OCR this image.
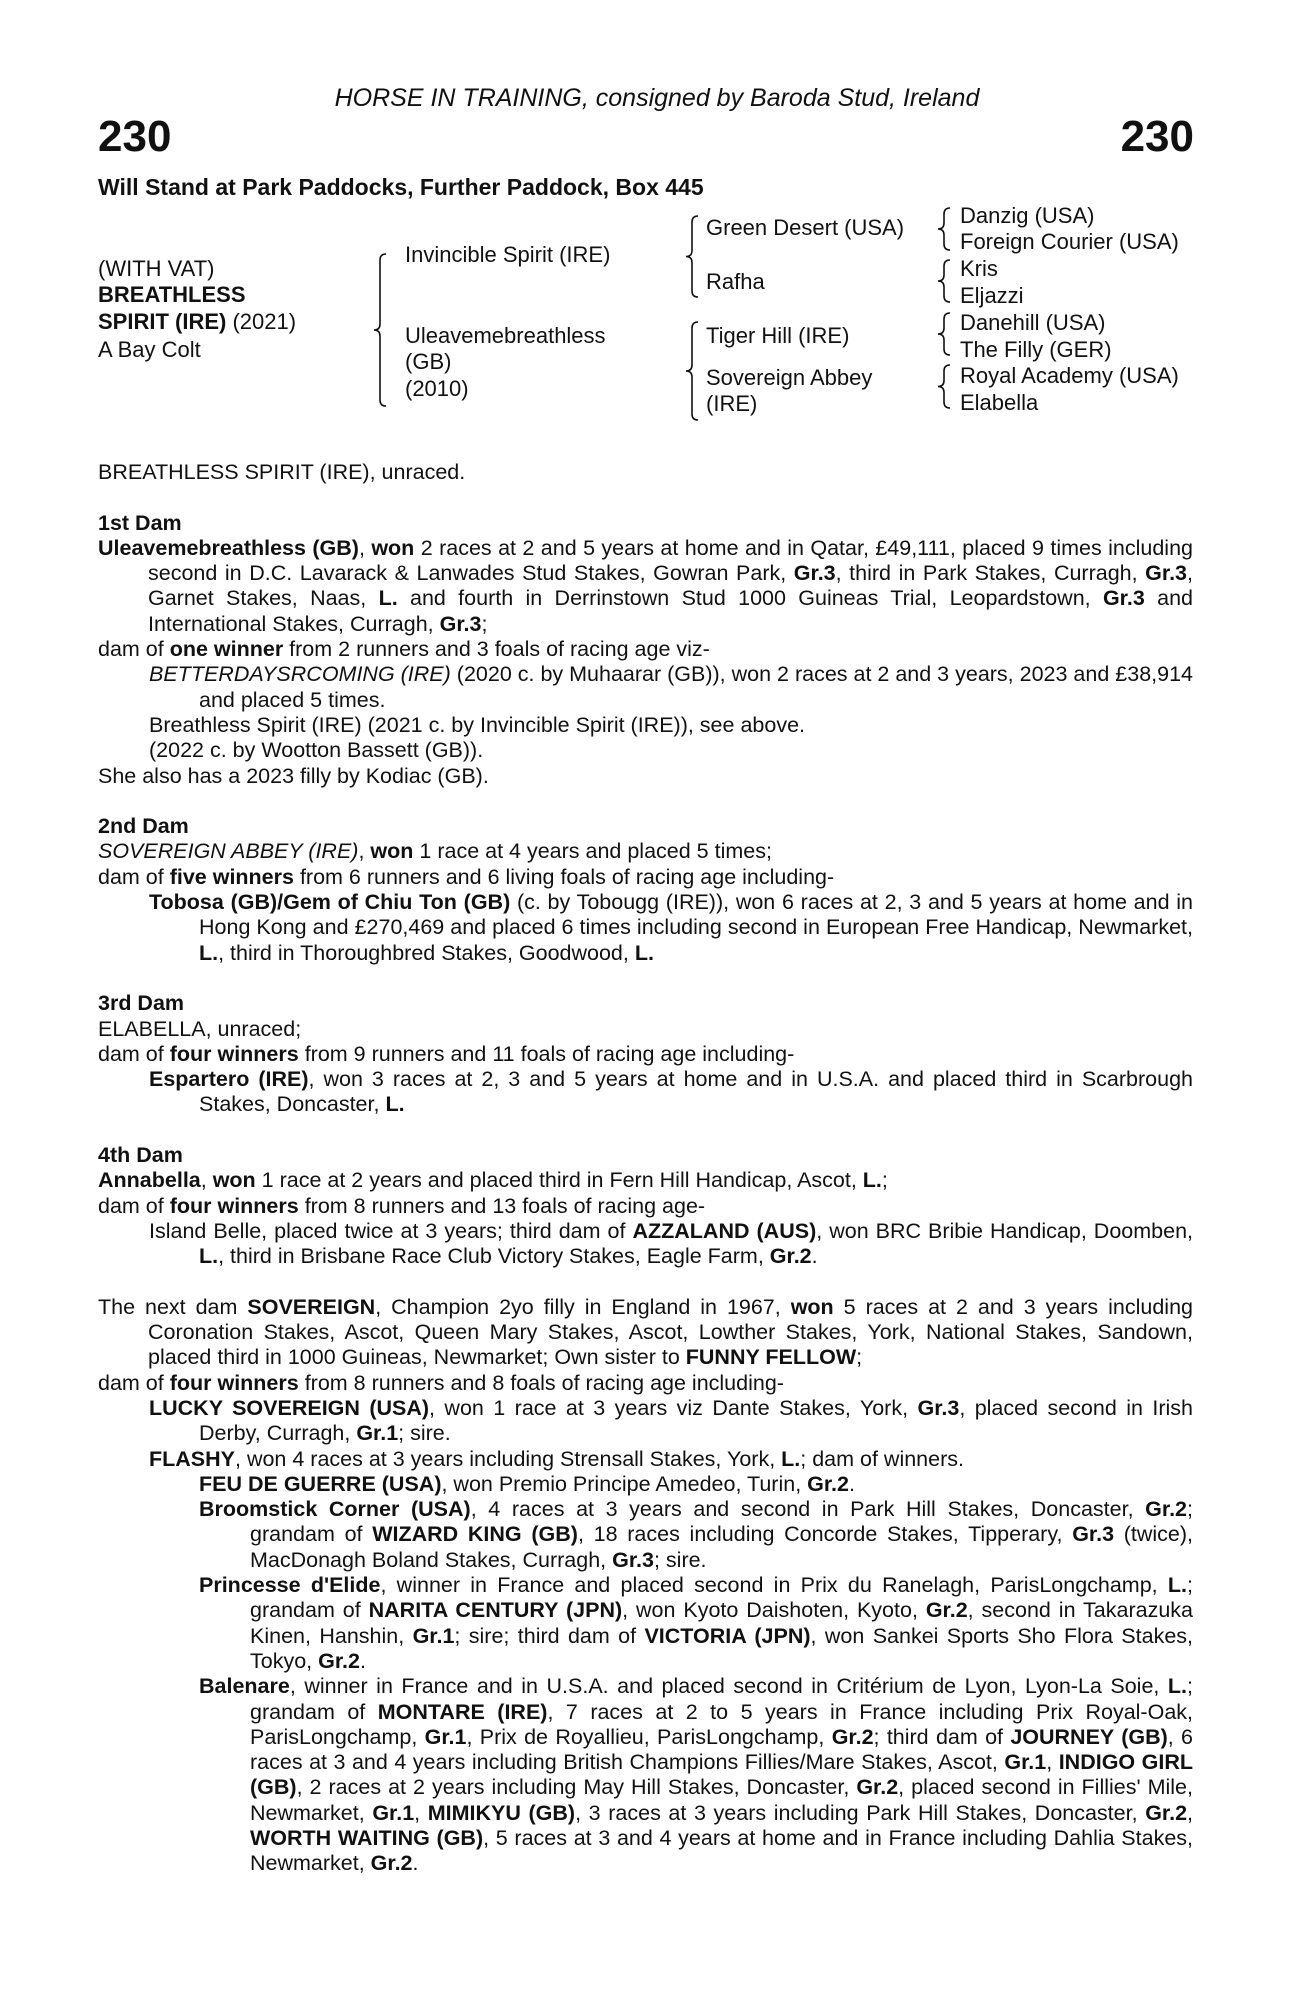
HORSE IN TRAINING, consigned by Baroda Stud, Ireland
230	230
Will Stand at Park Paddocks, Further Paddock, Box 445
(WITH VAT)
BREATHLESS
SPIRIT (IRE) (2021)
A Bay Colt
Invincible Spirit (IRE)
Uleavemebreathless
(GB)
(2010)
Green Desert (USA)
Rafha
Tiger Hill (IRE)
Sovereign Abbey
(IRE)
Danzig (USA)
Foreign Courier (USA)
Kris
Eljazzi
Danehill (USA)
The Filly (GER)
Royal Academy (USA)
Elabella
BREATHLESS SPIRIT (IRE), unraced.
1st Dam
Uleavemebreathless (GB), won 2 races at 2 and 5 years at home and in Qatar, £49,111, placed 9 times including second in D.C. Lavarack & Lanwades Stud Stakes, Gowran Park, Gr.3, third in Park Stakes, Curragh, Gr.3, Garnet Stakes, Naas, L. and fourth in Derrinstown Stud 1000 Guineas Trial, Leopardstown, Gr.3 and International Stakes, Curragh, Gr.3;
dam of one winner from 2 runners and 3 foals of racing age viz-
BETTERDAYSRCOMING (IRE) (2020 c. by Muhaarar (GB)), won 2 races at 2 and 3 years, 2023 and £38,914 and placed 5 times.
Breathless Spirit (IRE) (2021 c. by Invincible Spirit (IRE)), see above.
(2022 c. by Wootton Bassett (GB)).
She also has a 2023 filly by Kodiac (GB).
2nd Dam
SOVEREIGN ABBEY (IRE), won 1 race at 4 years and placed 5 times;
dam of five winners from 6 runners and 6 living foals of racing age including-
Tobosa (GB)/Gem of Chiu Ton (GB) (c. by Tobougg (IRE)), won 6 races at 2, 3 and 5 years at home and in Hong Kong and £270,469 and placed 6 times including second in European Free Handicap, Newmarket, L., third in Thoroughbred Stakes, Goodwood, L.
3rd Dam
ELABELLA, unraced;
dam of four winners from 9 runners and 11 foals of racing age including-
Espartero (IRE), won 3 races at 2, 3 and 5 years at home and in U.S.A. and placed third in Scarbrough Stakes, Doncaster, L.
4th Dam
Annabella, won 1 race at 2 years and placed third in Fern Hill Handicap, Ascot, L.;
dam of four winners from 8 runners and 13 foals of racing age-
Island Belle, placed twice at 3 years; third dam of AZZALAND (AUS), won BRC Bribie Handicap, Doomben, L., third in Brisbane Race Club Victory Stakes, Eagle Farm, Gr.2.
The next dam SOVEREIGN, Champion 2yo filly in England in 1967, won 5 races at 2 and 3 years including Coronation Stakes, Ascot, Queen Mary Stakes, Ascot, Lowther Stakes, York, National Stakes, Sandown, placed third in 1000 Guineas, Newmarket; Own sister to FUNNY FELLOW;
dam of four winners from 8 runners and 8 foals of racing age including-
LUCKY SOVEREIGN (USA), won 1 race at 3 years viz Dante Stakes, York, Gr.3, placed second in Irish Derby, Curragh, Gr.1; sire.
FLASHY, won 4 races at 3 years including Strensall Stakes, York, L.; dam of winners.
FEU DE GUERRE (USA), won Premio Principe Amedeo, Turin, Gr.2.
Broomstick Corner (USA), 4 races at 3 years and second in Park Hill Stakes, Doncaster, Gr.2; grandam of WIZARD KING (GB), 18 races including Concorde Stakes, Tipperary, Gr.3 (twice), MacDonagh Boland Stakes, Curragh, Gr.3; sire.
Princesse d'Elide, winner in France and placed second in Prix du Ranelagh, ParisLongchamp, L.; grandam of NARITA CENTURY (JPN), won Kyoto Daishoten, Kyoto, Gr.2, second in Takarazuka Kinen, Hanshin, Gr.1; sire; third dam of VICTORIA (JPN), won Sankei Sports Sho Flora Stakes, Tokyo, Gr.2.
Balenare, winner in France and in U.S.A. and placed second in Critérium de Lyon, Lyon-La Soie, L.; grandam of MONTARE (IRE), 7 races at 2 to 5 years in France including Prix Royal-Oak, ParisLongchamp, Gr.1, Prix de Royallieu, ParisLongchamp, Gr.2; third dam of JOURNEY (GB), 6 races at 3 and 4 years including British Champions Fillies/Mare Stakes, Ascot, Gr.1, INDIGO GIRL (GB), 2 races at 2 years including May Hill Stakes, Doncaster, Gr.2, placed second in Fillies' Mile, Newmarket, Gr.1, MIMIKYU (GB), 3 races at 3 years including Park Hill Stakes, Doncaster, Gr.2, WORTH WAITING (GB), 5 races at 3 and 4 years at home and in France including Dahlia Stakes, Newmarket, Gr.2.
